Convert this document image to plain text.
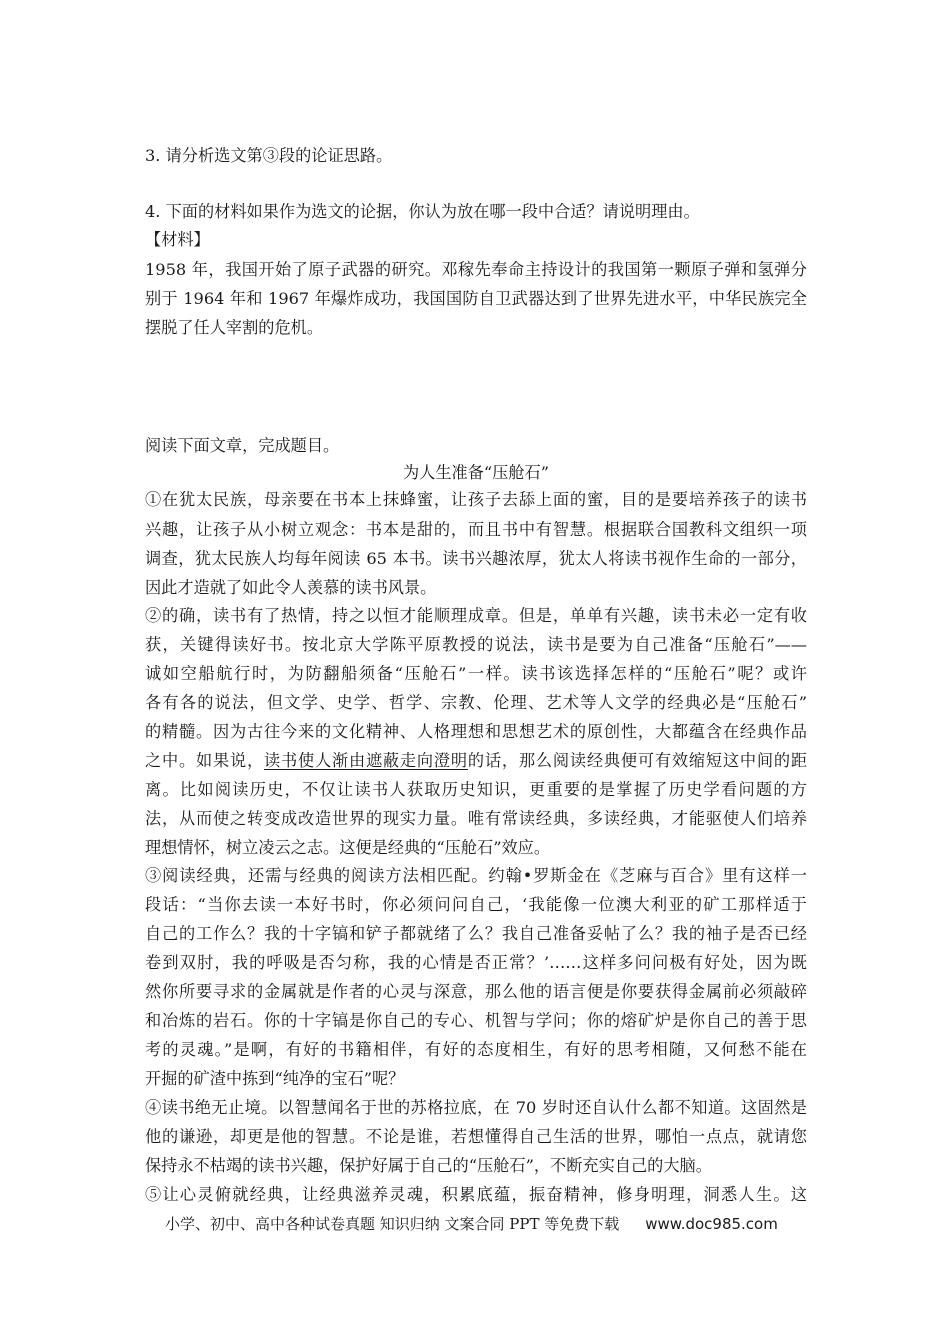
3. 请分析选文第③段的论证思路。
4. 下面的材料如果作为选文的论据，你认为放在哪一段中合适？请说明理由。
【材料】
1958 年，我国开始了原子武器的研究。邓稼先奉命主持设计的我国第一颗原子弹和氢弹分
别于 1964 年和 1967 年爆炸成功，我国国防自卫武器达到了世界先进水平，中华民族完全
摆脱了任人宰割的危机。
阅读下面文章，完成题目。
为人生准备“压舱石”
①在犹太民族，母亲要在书本上抹蜂蜜，让孩子去舔上面的蜜，目的是要培养孩子的读书
兴趣，让孩子从小树立观念：书本是甜的，而且书中有智慧。根据联合国教科文组织一项
调查，犹太民族人均每年阅读 65 本书。读书兴趣浓厚，犹太人将读书视作生命的一部分，
因此才造就了如此令人羡慕的读书风景。
②的确，读书有了热情，持之以恒才能顺理成章。但是，单单有兴趣，读书未必一定有收
获，关键得读好书。按北京大学陈平原教授的说法，读书是要为自己准备“压舱石”——
诚如空船航行时，为防翻船须备“压舱石”一样。读书该选择怎样的“压舱石”呢？或许
各有各的说法，但文学、史学、哲学、宗教、伦理、艺术等人文学的经典必是“压舱石”
的精髓。因为古往今来的文化精神、人格理想和思想艺术的原创性，大都蕴含在经典作品
之中。如果说，读书使人渐由遮蔽走向澄明的话，那么阅读经典便可有效缩短这中间的距
离。比如阅读历史，不仅让读书人获取历史知识，更重要的是掌握了历史学看问题的方
法，从而使之转变成改造世界的现实力量。唯有常读经典，多读经典，才能驱使人们培养
理想情怀，树立凌云之志。这便是经典的“压舱石”效应。
③阅读经典，还需与经典的阅读方法相匹配。约翰•罗斯金在《芝麻与百合》里有这样一
段话：“当你去读一本好书时，你必须问问自己，‘我能像一位澳大利亚的矿工那样适于
自己的工作么？我的十字镐和铲子都就绪了么？我自己准备妥帖了么？我的袖子是否已经
卷到双肘，我的呼吸是否匀称，我的心情是否正常？’……这样多问问极有好处，因为既
然你所要寻求的金属就是作者的心灵与深意，那么他的语言便是你要获得金属前必须敲碎
和冶炼的岩石。你的十字镐是你自己的专心、机智与学问；你的熔矿炉是你自己的善于思
考的灵魂。”是啊，有好的书籍相伴，有好的态度相生，有好的思考相随，又何愁不能在
开掘的矿渣中拣到“纯净的宝石”呢？
④读书绝无止境。以智慧闻名于世的苏格拉底，在 70 岁时还自认什么都不知道。这固然是
他的谦逊，却更是他的智慧。不论是谁，若想懂得自己生活的世界，哪怕一点点，就请您
保持永不枯竭的读书兴趣，保护好属于自己的“压舱石”，不断充实自己的大脑。
⑤让心灵俯就经典，让经典滋养灵魂，积累底蕴，振奋精神，修身明理，洞悉人生。这
小学、初中、高中各种试卷真题 知识归纳 文案合同 PPT 等免费下载 www.doc985.com
